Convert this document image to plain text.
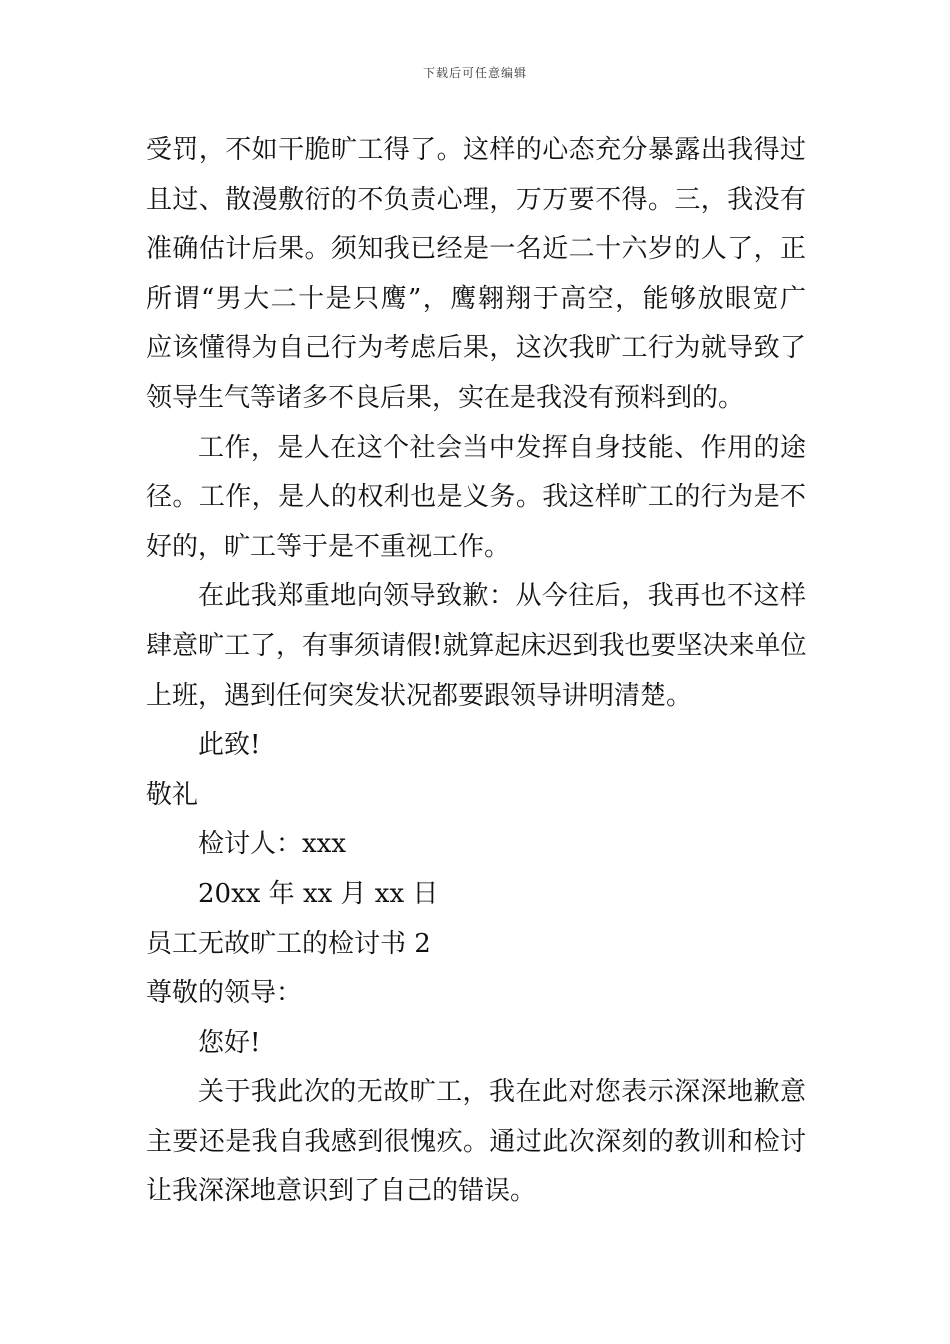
下载后可任意编辑
受罚，不如干脆旷工得了。这样的心态充分暴露出我得过
且过、散漫敷衍的不负责心理，万万要不得。三，我没有
准确估计后果。须知我已经是一名近二十六岁的人了，正
所谓“男大二十是只鹰”，鹰翱翔于高空，能够放眼宽广
应该懂得为自己行为考虑后果，这次我旷工行为就导致了
领导生气等诸多不良后果，实在是我没有预料到的。
工作，是人在这个社会当中发挥自身技能、作用的途
径。工作，是人的权利也是义务。我这样旷工的行为是不
好的，旷工等于是不重视工作。
在此我郑重地向领导致歉：从今往后，我再也不这样
肆意旷工了，有事须请假!就算起床迟到我也要坚决来单位
上班，遇到任何突发状况都要跟领导讲明清楚。
此致!
敬礼
检讨人：xxx
20xx 年 xx 月 xx 日
员工无故旷工的检讨书 2
尊敬的领导：
您好!
关于我此次的无故旷工，我在此对您表示深深地歉意
主要还是我自我感到很愧疚。通过此次深刻的教训和检讨
让我深深地意识到了自己的错误。
